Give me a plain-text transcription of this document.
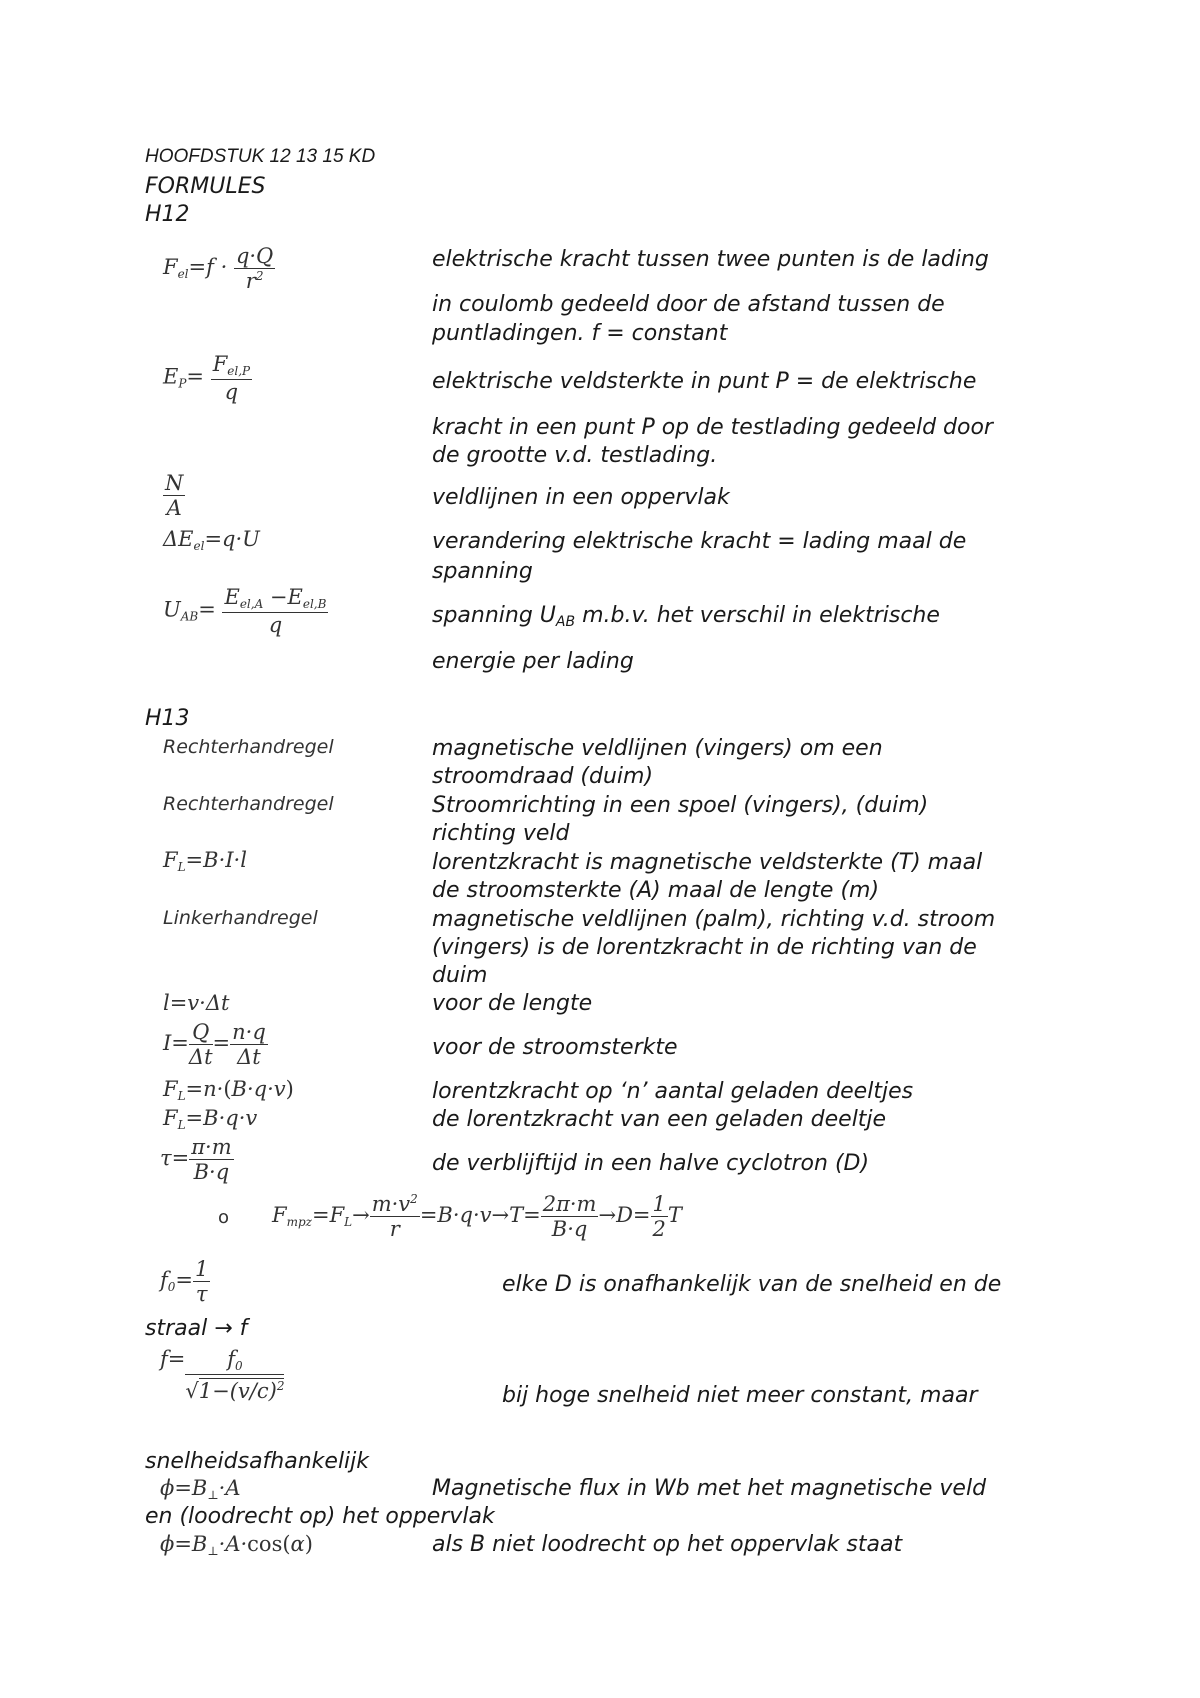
HOOFDSTUK 12 13 15 KD
FORMULES
H12
$F_{el}=f \cdot \frac{q\cdot Q}{r^2}$	elektrische kracht tussen twee punten is de lading
in coulomb gedeeld door de afstand tussen de
puntladingen. f = constant
$E_P= \frac{F_{el,P}}{q}$	elektrische veldsterkte in punt P = de elektrische
kracht in een punt P op de testlading gedeeld door
de grootte v.d. testlading.
$\frac{N}{A}$	veldlijnen in een oppervlak
$\Delta E_{el}=q\cdot U$	verandering elektrische kracht = lading maal de
spanning
$U_{AB}= \frac{E_{el,A} -E_{el,B}}{q}$	spanning UAB m.b.v. het verschil in elektrische
energie per lading
H13
Rechterhandregel	magnetische veldlijnen (vingers) om een
stroomdraad (duim)
Rechterhandregel	Stroomrichting in een spoel (vingers), (duim)
richting veld
$F_L=B\cdot I\cdot l$	lorentzkracht is magnetische veldsterkte (T) maal
de stroomsterkte (A) maal de lengte (m)
Linkerhandregel	magnetische veldlijnen (palm), richting v.d. stroom
(vingers) is de lorentzkracht in de richting van de
duim
l=v·Δt	voor de lengte
$I= \frac{Q}{\Delta t} = \frac{n\cdot q}{\Delta t}$	voor de stroomsterkte
$F_L=n\cdot(B\cdot q\cdot v)$	lorentzkracht op ‘n’ aantal geladen deeltjes
$F_L=B\cdot q\cdot v$	de lorentzkracht van een geladen deeltje
$\tau= \frac{\pi\cdot m}{B\cdot q}$	de verblijftijd in een halve cyclotron (D)
o $F_{mpz}=F_L\to \frac{m\cdot v^2}{r} =B\cdot q\cdot v\to T= \frac{2\pi\cdot m}{B\cdot q} \to D= \frac{1}{2}$ T
$f_0= \frac{1}{\tau}$	elke D is onafhankelijk van de snelheid en de
straal → f
$f= \frac{f_0}{√1-(v/c)^2}$	bij hoge snelheid niet meer constant, maar
snelheidsafhankelijk
$\phi=B_\perp\cdot A$	Magnetische flux in Wb met het magnetische veld
en (loodrecht op) het oppervlak
$\phi=B_\perp\cdot A\cdot\cos(\alpha)$	als B niet loodrecht op het oppervlak staat
